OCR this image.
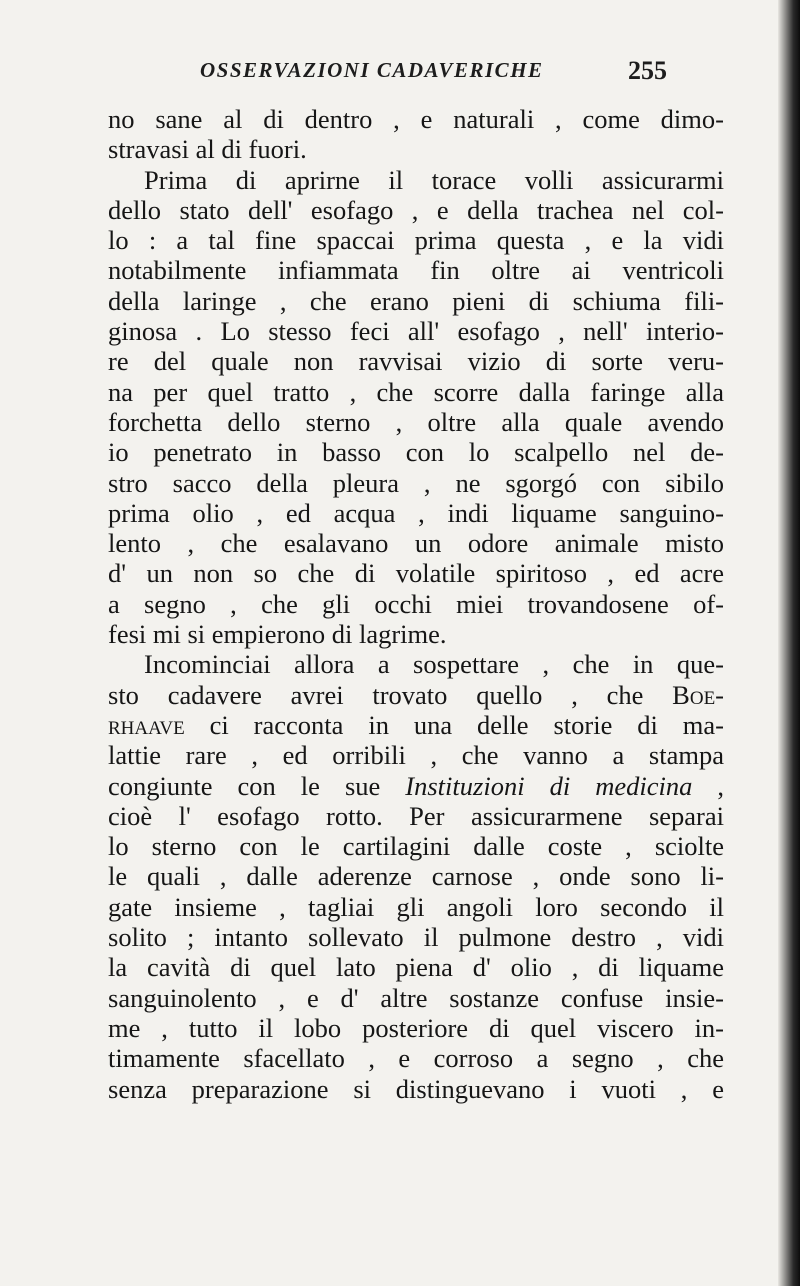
OSSERVAZIONI CADAVERICHE	255
no sane al di dentro , e naturali , come dimo-
stravasi al di fuori.
Prima di aprirne il torace volli assicurarmi
dello stato dell' esofago , e della trachea nel col-
lo : a tal fine spaccai prima questa , e la vidi
notabilmente infiammata fin oltre ai ventricoli
della laringe , che erano pieni di schiuma fili-
ginosa . Lo stesso feci all' esofago , nell' interio-
re del quale non ravvisai vizio di sorte veru-
na per quel tratto , che scorre dalla faringe alla
forchetta dello sterno , oltre alla quale avendo
io penetrato in basso con lo scalpello nel de-
stro sacco della pleura , ne sgorgó con sibilo
prima olio , ed acqua , indi liquame sanguino-
lento , che esalavano un odore animale misto
d' un non so che di volatile spiritoso , ed acre
a segno , che gli occhi miei trovandosene of-
fesi mi si empierono di lagrime.
Incominciai allora a sospettare , che in que-
sto cadavere avrei trovato quello , che Boe-
rhaave ci racconta in una delle storie di ma-
lattie rare , ed orribili , che vanno a stampa
congiunte con le sue Instituzioni di medicina ,
cioè l' esofago rotto. Per assicurarmene separai
lo sterno con le cartilagini dalle coste , sciolte
le quali , dalle aderenze carnose , onde sono li-
gate insieme , tagliai gli angoli loro secondo il
solito ; intanto sollevato il pulmone destro , vidi
la cavità di quel lato piena d' olio , di liquame
sanguinolento , e d' altre sostanze confuse insie-
me , tutto il lobo posteriore di quel viscero in-
timamente sfacellato , e corroso a segno , che
senza preparazione si distinguevano i vuoti , e
